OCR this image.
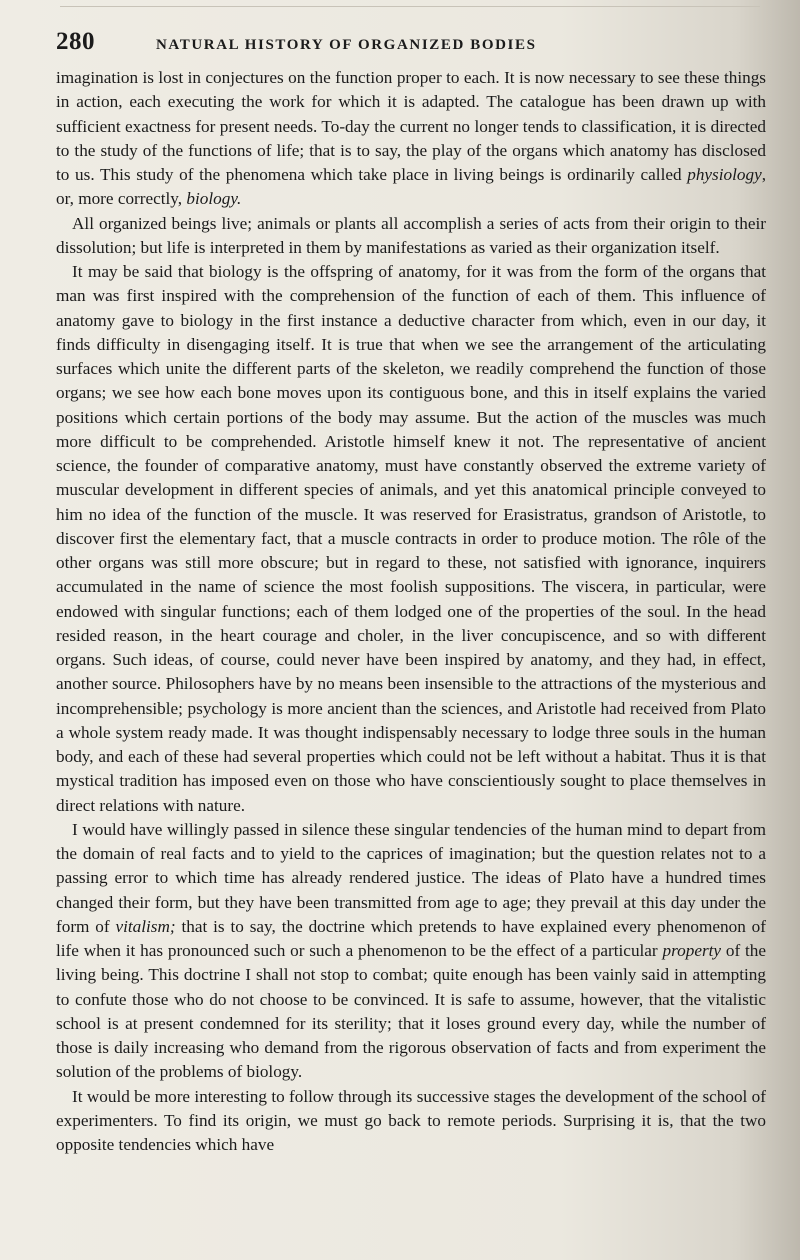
280	NATURAL HISTORY OF ORGANIZED BODIES

imagination is lost in conjectures on the function proper to each. It is now necessary to see these things in action, each executing the work for which it is adapted. The catalogue has been drawn up with sufficient exactness for present needs. To-day the current no longer tends to classification, it is directed to the study of the functions of life; that is to say, the play of the organs which anatomy has disclosed to us. This study of the phenomena which take place in living beings is ordinarily called physiology, or, more correctly, biology.

All organized beings live; animals or plants all accomplish a series of acts from their origin to their dissolution; but life is interpreted in them by manifestations as varied as their organization itself.

It may be said that biology is the offspring of anatomy, for it was from the form of the organs that man was first inspired with the comprehension of the function of each of them. This influence of anatomy gave to biology in the first instance a deductive character from which, even in our day, it finds difficulty in disengaging itself. It is true that when we see the arrangement of the articulating surfaces which unite the different parts of the skeleton, we readily comprehend the function of those organs; we see how each bone moves upon its contiguous bone, and this in itself explains the varied positions which certain portions of the body may assume. But the action of the muscles was much more difficult to be comprehended. Aristotle himself knew it not. The representative of ancient science, the founder of comparative anatomy, must have constantly observed the extreme variety of muscular development in different species of animals, and yet this anatomical principle conveyed to him no idea of the function of the muscle. It was reserved for Erasistratus, grandson of Aristotle, to discover first the elementary fact, that a muscle contracts in order to produce motion. The rôle of the other organs was still more obscure; but in regard to these, not satisfied with ignorance, inquirers accumulated in the name of science the most foolish suppositions. The viscera, in particular, were endowed with singular functions; each of them lodged one of the properties of the soul. In the head resided reason, in the heart courage and choler, in the liver concupiscence, and so with different organs. Such ideas, of course, could never have been inspired by anatomy, and they had, in effect, another source. Philosophers have by no means been insensible to the attractions of the mysterious and incomprehensible; psychology is more ancient than the sciences, and Aristotle had received from Plato a whole system ready made. It was thought indispensably necessary to lodge three souls in the human body, and each of these had several properties which could not be left without a habitat. Thus it is that mystical tradition has imposed even on those who have conscientiously sought to place themselves in direct relations with nature.

I would have willingly passed in silence these singular tendencies of the human mind to depart from the domain of real facts and to yield to the caprices of imagination; but the question relates not to a passing error to which time has already rendered justice. The ideas of Plato have a hundred times changed their form, but they have been transmitted from age to age; they prevail at this day under the form of vitalism; that is to say, the doctrine which pretends to have explained every phenomenon of life when it has pronounced such or such a phenomenon to be the effect of a particular property of the living being. This doctrine I shall not stop to combat; quite enough has been vainly said in attempting to confute those who do not choose to be convinced. It is safe to assume, however, that the vitalistic school is at present condemned for its sterility; that it loses ground every day, while the number of those is daily increasing who demand from the rigorous observation of facts and from experiment the solution of the problems of biology.

It would be more interesting to follow through its successive stages the development of the school of experimenters. To find its origin, we must go back to remote periods. Surprising it is, that the two opposite tendencies which have
